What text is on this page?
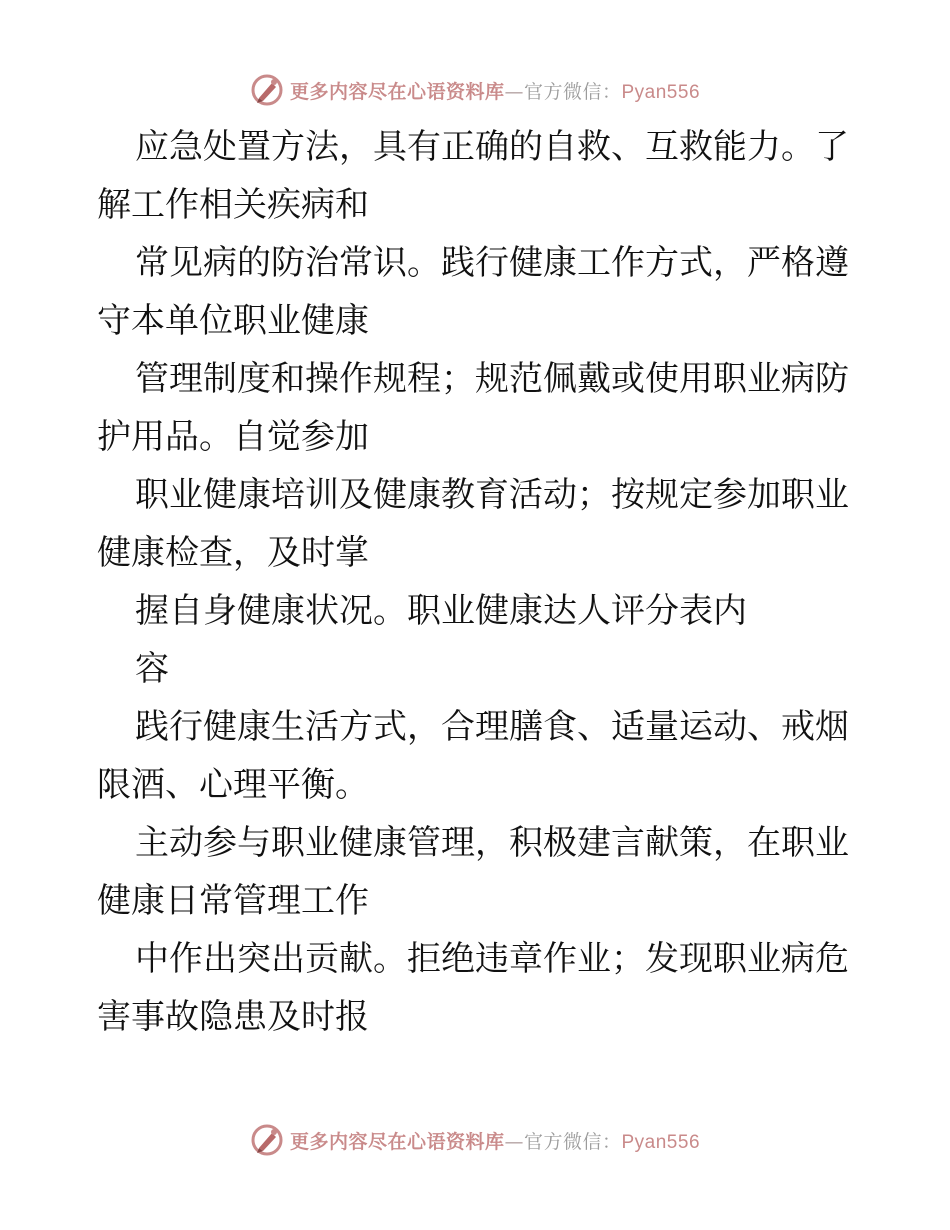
更多内容尽在心语资料库—官方微信：Pyan556

应急处置方法，具有正确的自救、互救能力。了
解工作相关疾病和
常见病的防治常识。践行健康工作方式，严格遵
守本单位职业健康
管理制度和操作规程；规范佩戴或使用职业病防
护用品。自觉参加
职业健康培训及健康教育活动；按规定参加职业
健康检查，及时掌
握自身健康状况。职业健康达人评分表内
容
践行健康生活方式，合理膳食、适量运动、戒烟
限酒、心理平衡。
主动参与职业健康管理，积极建言献策，在职业
健康日常管理工作
中作出突出贡献。拒绝违章作业；发现职业病危
害事故隐患及时报

更多内容尽在心语资料库—官方微信：Pyan556
